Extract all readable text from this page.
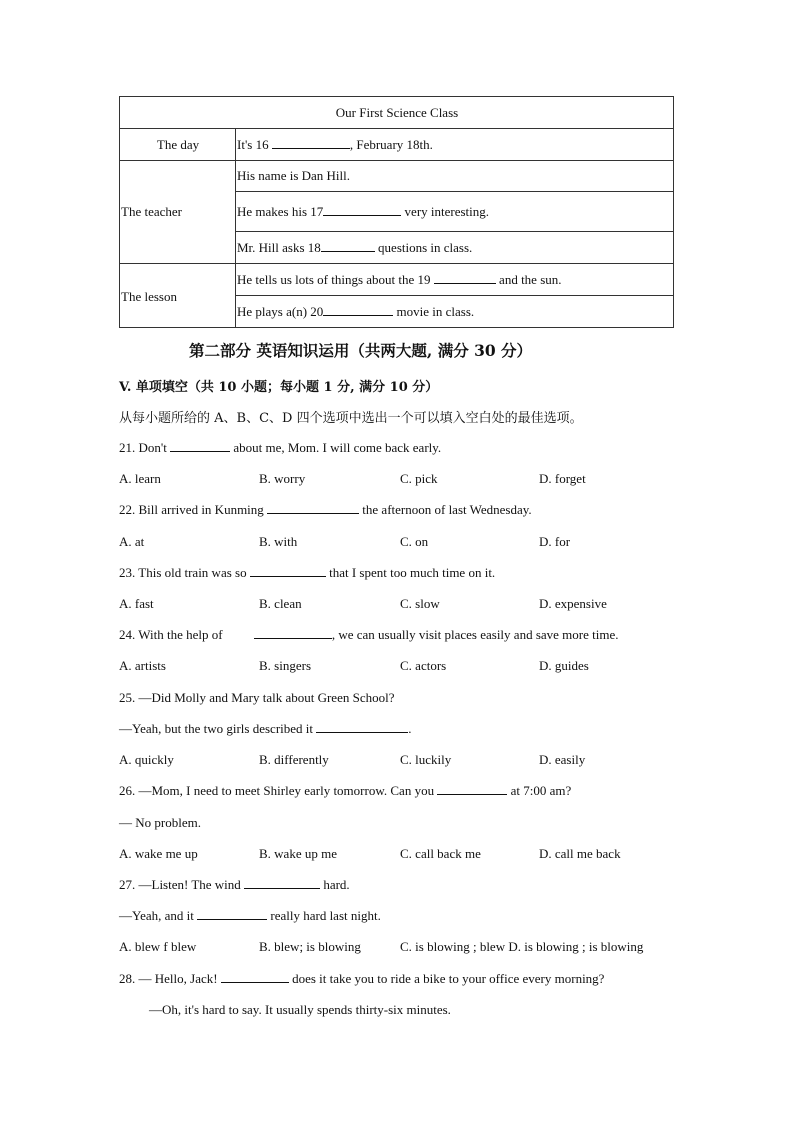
Our First Science Class	
The day	It's 16 , February 18th.
The teacher	His name is Dan Hill.
	He makes his 17 very interesting.
	Mr. Hill asks 18 questions in class.
The lesson	He tells us lots of things about the 19 and the sun.
	He plays a(n) 20 movie in class.
第二部分 英语知识运用（共两大题, 满分 30 分）
V. 单项填空（共 10 小题；每小题 1 分, 满分 10 分）
从每小题所给的 A、B、C、D 四个选项中选出一个可以填入空白处的最佳选项。
21. Don't	about me, Mom. I will come back early.
A. learn	B. worry	C. pick	D. forget
22. Bill arrived in Kunming	the afternoon of last Wednesday.
A. at	B. with	C. on	D. for
23. This old train was so	that I spent too much time on it.
A. fast	B. clean	C. slow	D. expensive
24. With the help of	, we can usually visit places easily and save more time.
A. artists	B. singers	C. actors	D. guides
25. —Did Molly and Mary talk about Green School?
—Yeah, but the two girls described it	.
A. quickly	B. differently	C. luckily	D. easily
26. —Mom, I need to meet Shirley early tomorrow. Can you	at 7:00 am?
— No problem.
A. wake me up	B. wake up me	C. call back me	D. call me back
27. —Listen! The wind	hard.
—Yeah, and it	really hard last night.
A. blew f blew	B. blew; is blowing	C. is blowing ; blew D. is blowing ; is blowing
28. — Hello, Jack!	does it take you to ride a bike to your office every morning?
—Oh, it's hard to say. It usually spends thirty-six minutes.
